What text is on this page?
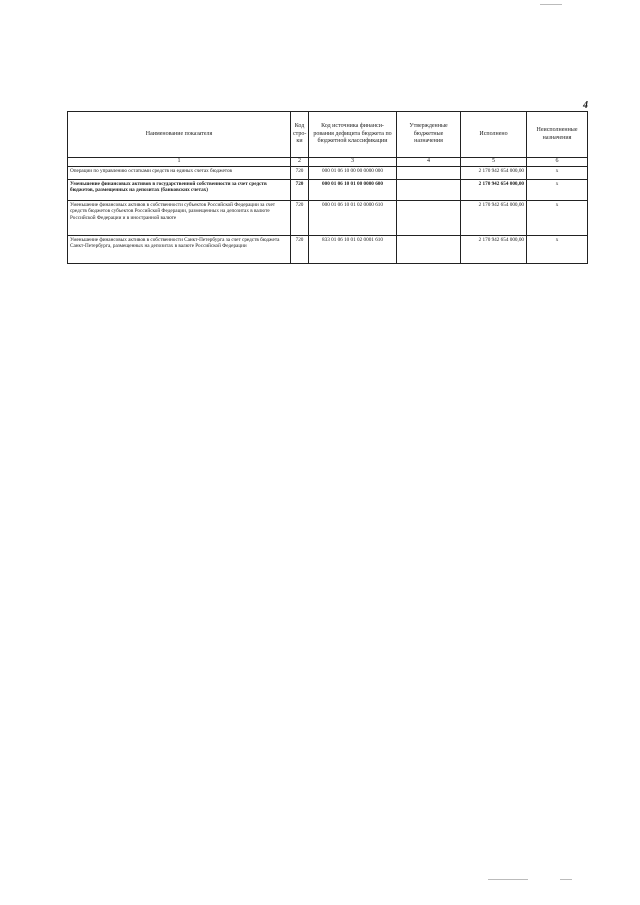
4
Наименование показателя	Код стро-ки	Код источника финанси-рования дефицита бюджета по бюджетной классификации	Утвержденные бюджетные назначения	Исполнено	Неисполненные назначения
1	2	3	4	5	6
Операции по управлению остатками средств на единых счетах бюджетов	720	000 01 06 10 00 00 0000 000		2 170 942 654 000,00	x
Уменьшение финансовых активов в государственной собственности за счет средств бюджетов, размещенных на депозитах (банковских счетах)	720	000 01 06 10 01 00 0000 600		2 170 942 654 000,00	x
Уменьшение финансовых активов в собственности субъектов Российской Федерации за счет средств бюджетов субъектов Российской Федерации, размещенных на депозитах в валюте Российской Федерации и в иностранной валюте	720	000 01 06 10 01 02 0000 610		2 170 942 654 000,00	x
Уменьшение финансовых активов в собственности Санкт-Петербурга за счет средств бюджета Санкт-Петербурга, размещенных на депозитах в валюте Российской Федерации	720	833 01 06 10 01 02 0001 610		2 170 942 654 000,00	x
